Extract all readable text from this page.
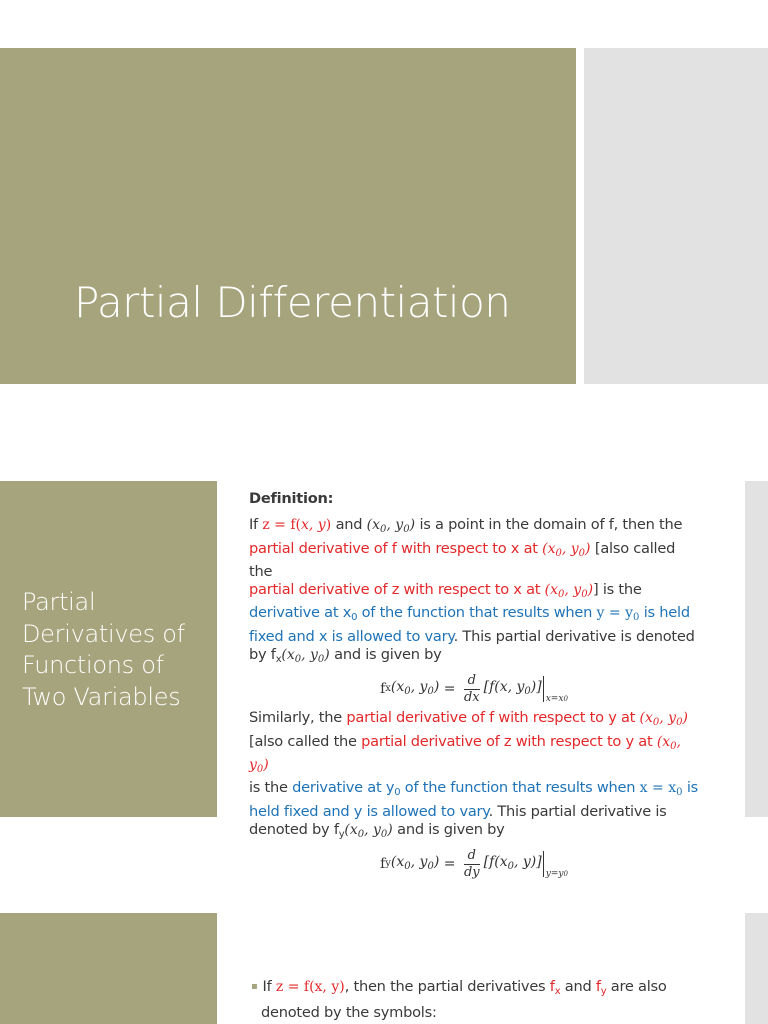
Partial Differentiation
Partial
Derivatives of
Functions of
Two Variables
Definition:
If z = f(x, y) and ($x_0$, $y_0$) is a point in the domain of f, then the
partial derivative of f with respect to x at ($x_0$, $y_0$) [also called the
partial derivative of z with respect to x at ($x_0$, $y_0$)] is the
derivative at $x_0$ of the function that results when $y = y_0$ is held
fixed and x is allowed to vary. This partial derivative is denoted
by $f_x(x_0$, $y_0$) and is given by
f x ($x_0$, $y_0) = \frac{d}{dx} [f(x$, $y_0$)]
x=x0
Similarly, the partial derivative of f with respect to y at ($x_0$, $y_0$)
[also called the partial derivative of z with respect to y at ($x_0$, $y_0$)
is the derivative at $y_0$ of the function that results when $x = x_0$ is
held fixed and y is allowed to vary. This partial derivative is
denoted by $f_y(x_0$, $y_0$) and is given by
f y ($x_0$, $y_0) = \frac{d}{dy} [f(x_0$, y)]
y=y0
▪ If z = f(x, y), then the partial derivatives $f_x$ and $f_y$ are also
denoted by the symbols:
